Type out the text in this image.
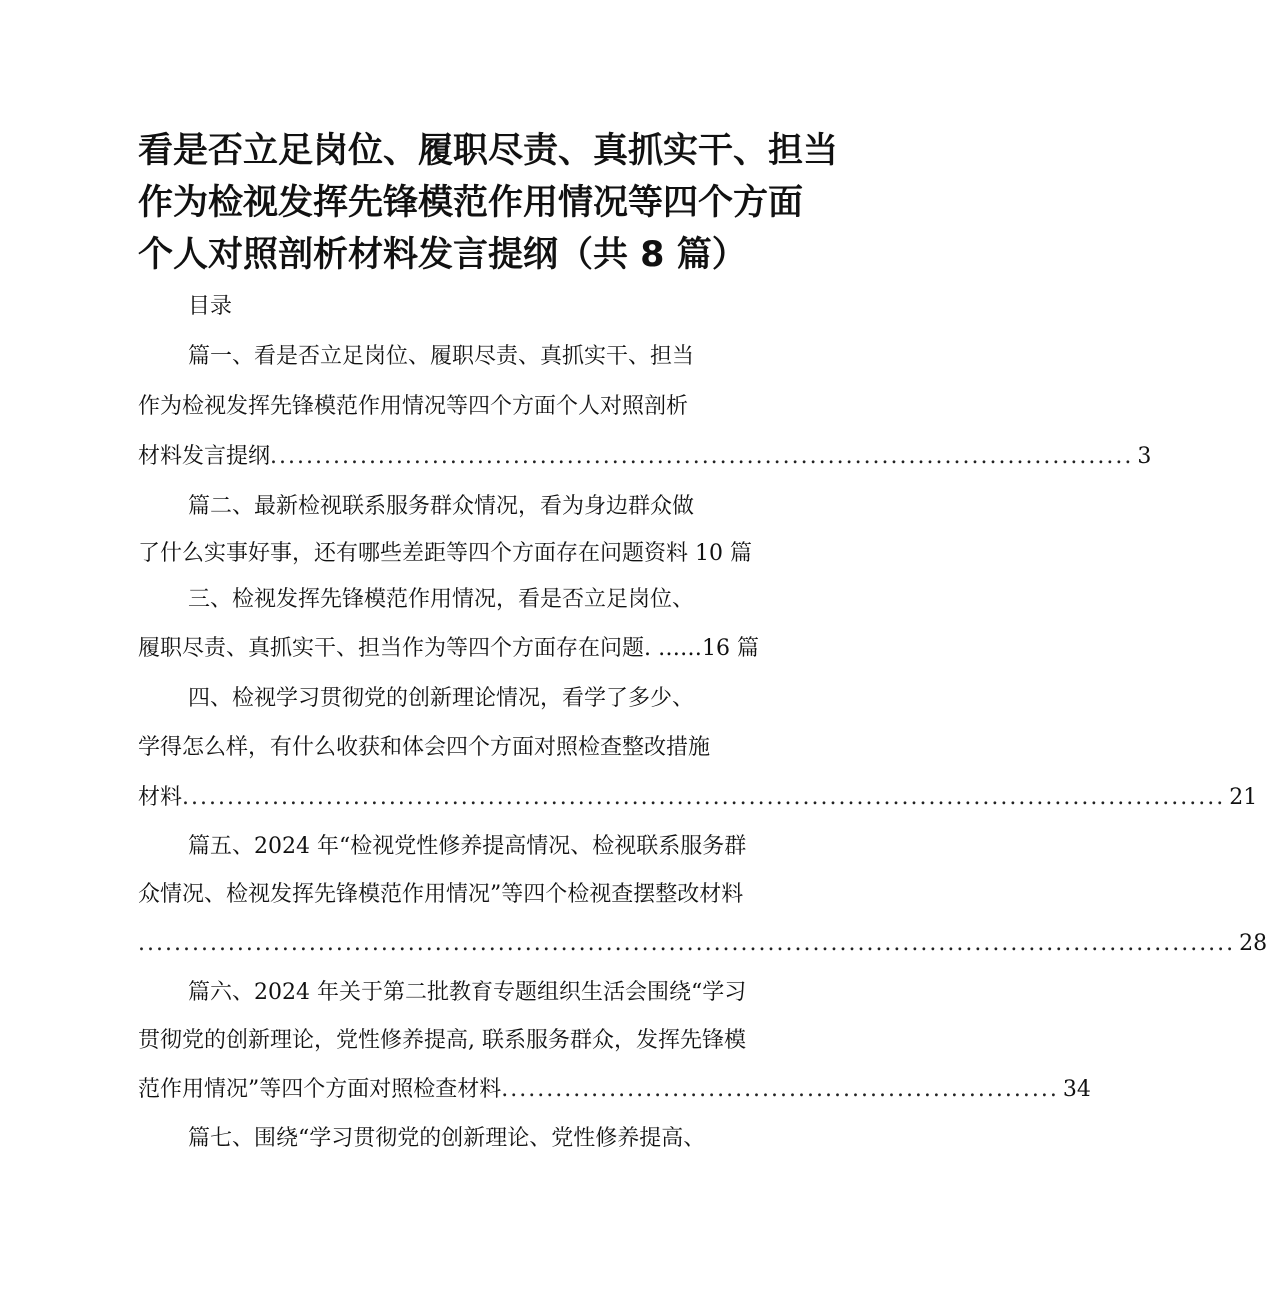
看是否立足岗位、履职尽责、真抓实干、担当
作为检视发挥先锋模范作用情况等四个方面
个人对照剖析材料发言提纲（共 8 篇）
目录
篇一、看是否立足岗位、履职尽责、真抓实干、担当
作为检视发挥先锋模范作用情况等四个方面个人对照剖析
材料发言提纲 ................................................................................................ 3
篇二、最新检视联系服务群众情况，看为身边群众做
了什么实事好事，还有哪些差距等四个方面存在问题资料 10 篇
三、检视发挥先锋模范作用情况，看是否立足岗位、
履职尽责、真抓实干、担当作为等四个方面存在问题. ……16 篇
四、检视学习贯彻党的创新理论情况，看学了多少、
学得怎么样，有什么收获和体会四个方面对照检查整改措施
材料 .................................................................................................................... 21
篇五、2024 年“检视党性修养提高情况、检视联系服务群
众情况、检视发挥先锋模范作用情况”等四个检视查摆整改材料
.......................................................................................................................... 28
篇六、2024 年关于第二批教育专题组织生活会围绕“学习
贯彻党的创新理论，党性修养提高, 联系服务群众，发挥先锋模
范作用情况”等四个方面对照检查材料 .............................................................. 34
篇七、围绕“学习贯彻党的创新理论、党性修养提高、
